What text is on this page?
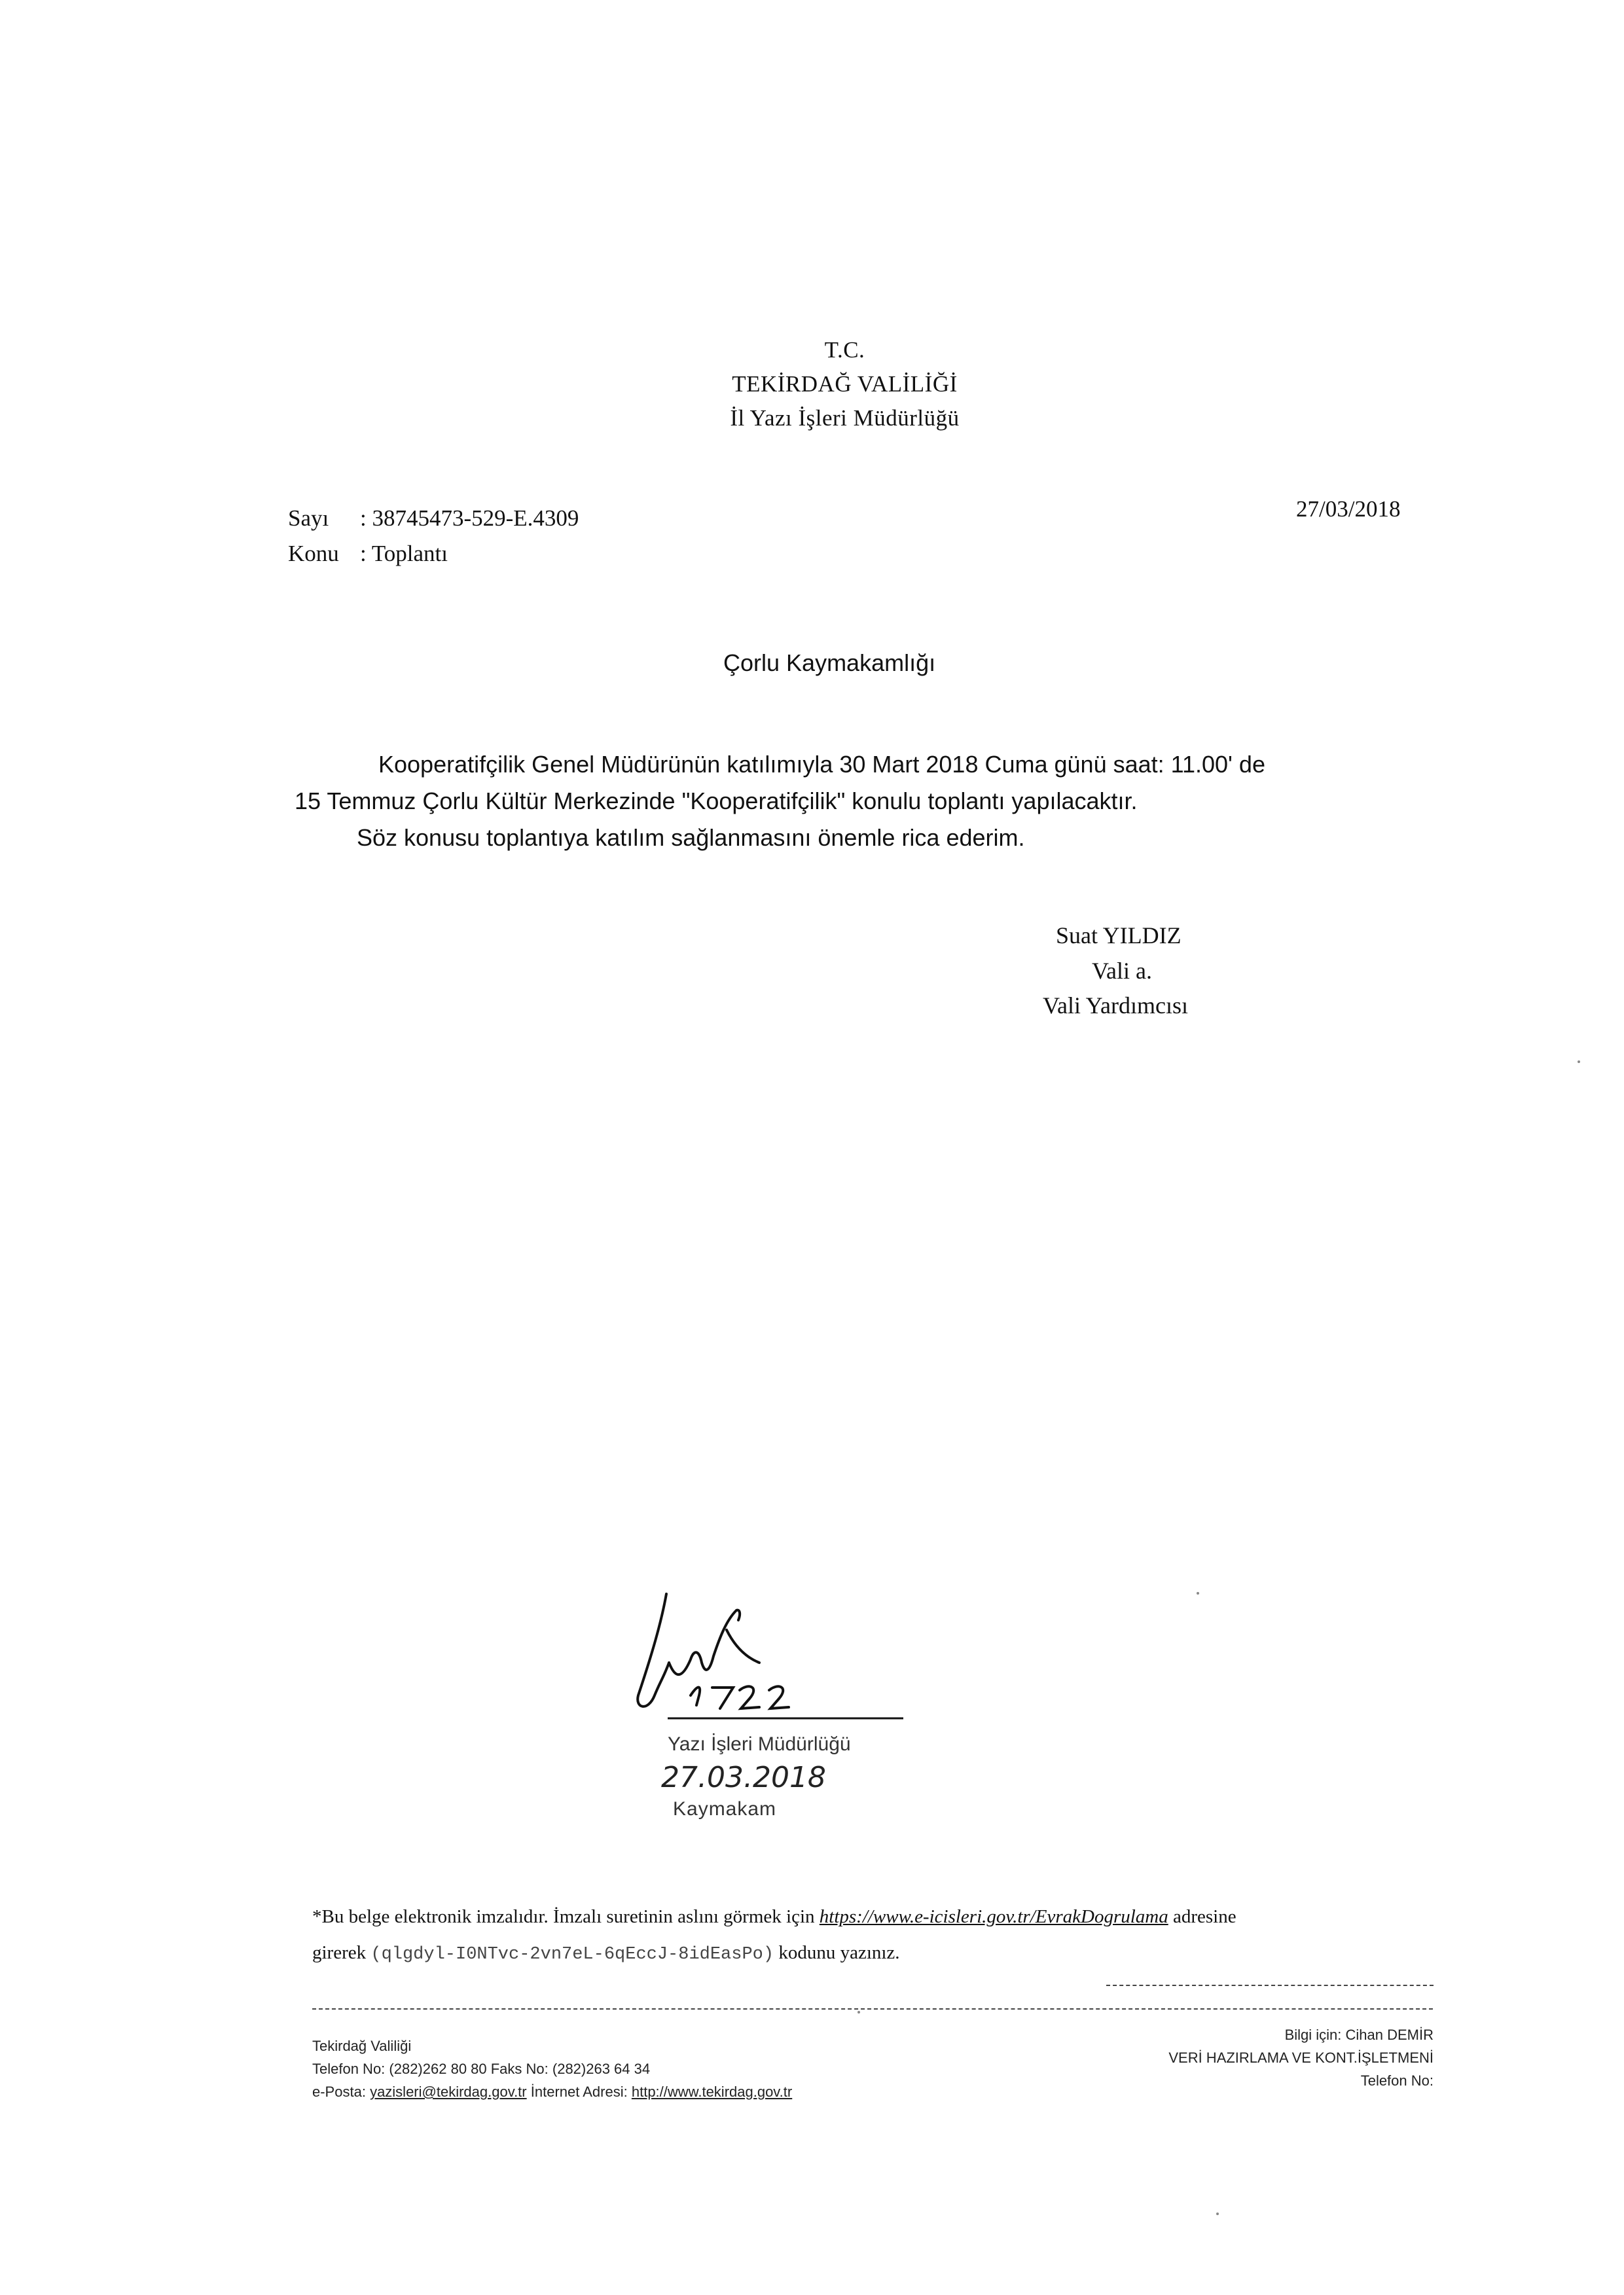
T.C.
TEKİRDAĞ VALİLİĞİ
İl Yazı İşleri Müdürlüğü
Sayı : 38745473-529-E.4309
Konu : Toplantı
27/03/2018
Çorlu Kaymakamlığı
Kooperatifçilik Genel Müdürünün katılımıyla 30 Mart 2018 Cuma günü saat: 11.00' de
15 Temmuz Çorlu Kültür Merkezinde "Kooperatifçilik" konulu toplantı yapılacaktır.
Söz konusu toplantıya katılım sağlanmasını önemle rica ederim.
Suat YILDIZ
Vali a.
Vali Yardımcısı
Yazı İşleri Müdürlüğü
27.03.2018
Kaymakam
*Bu belge elektronik imzalıdır. İmzalı suretinin aslını görmek için https://www.e-icisleri.gov.tr/EvrakDogrulama adresine
girerek (qlgdyl-I0NTvc-2vn7eL-6qEccJ-8idEasPo) kodunu yazınız.
Tekirdağ Valiliği
Telefon No: (282)262 80 80 Faks No: (282)263 64 34
e-Posta: yazisleri@tekirdag.gov.tr İnternet Adresi: http://www.tekirdag.gov.tr
Bilgi için: Cihan DEMİR
VERİ HAZIRLAMA VE KONT.İŞLETMENİ
Telefon No:
